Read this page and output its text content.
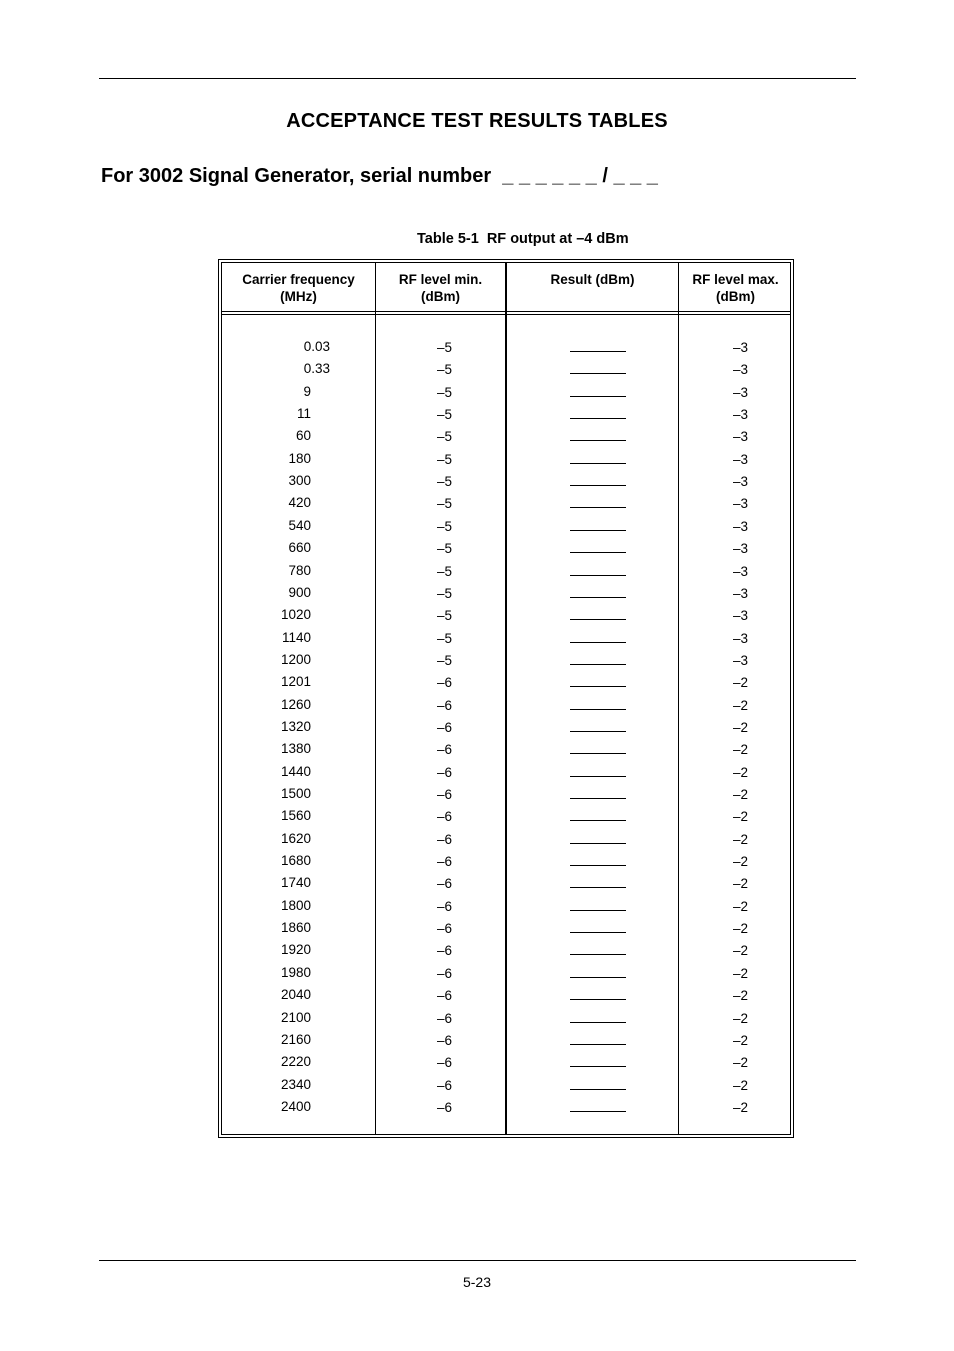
ACCEPTANCE TEST RESULTS TABLES
For 3002 Signal Generator, serial number  _ _ _ _ _ _ / _ _ _
Table 5-1  RF output at –4 dBm
Carrier frequency
(MHz)
RF level min.
(dBm)
Result (dBm)	RF level max.
(dBm)
0.03
0.33
9
11
60
180
300
420
540
660
780
900
1020
1140
1200
1201
1260
1320
1380
1440
1500
1560
1620
1680
1740
1800
1860
1920
1980
2040
2100
2160
2220
2340
2400
–5
–5
–5
–5
–5
–5
–5
–5
–5
–5
–5
–5
–5
–5
–5
–6
–6
–6
–6
–6
–6
–6
–6
–6
–6
–6
–6
–6
–6
–6
–6
–6
–6
–6
–6
–3
–3
–3
–3
–3
–3
–3
–3
–3
–3
–3
–3
–3
–3
–3
–2
–2
–2
–2
–2
–2
–2
–2
–2
–2
–2
–2
–2
–2
–2
–2
–2
–2
–2
–2
5-23
